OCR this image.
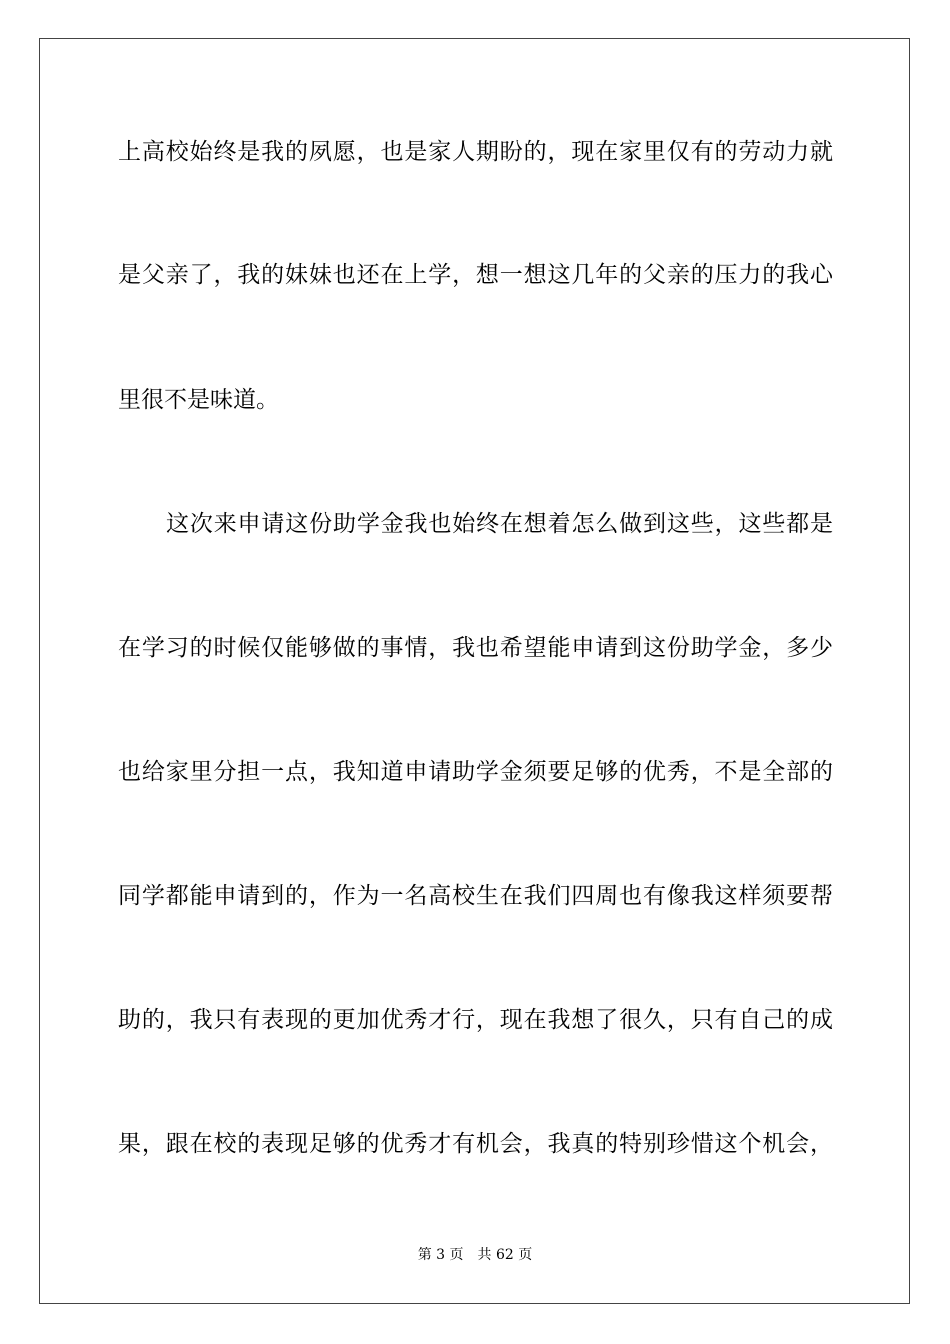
上高校始终是我的夙愿，也是家人期盼的，现在家里仅有的劳动力就
是父亲了，我的妹妹也还在上学，想一想这几年的父亲的压力的我心
里很不是味道。
这次来申请这份助学金我也始终在想着怎么做到这些，这些都是
在学习的时候仅能够做的事情，我也希望能申请到这份助学金，多少
也给家里分担一点，我知道申请助学金须要足够的优秀，不是全部的
同学都能申请到的，作为一名高校生在我们四周也有像我这样须要帮
助的，我只有表现的更加优秀才行，现在我想了很久，只有自己的成
果，跟在校的表现足够的优秀才有机会，我真的特别珍惜这个机会，
第 3 页 共 62 页
